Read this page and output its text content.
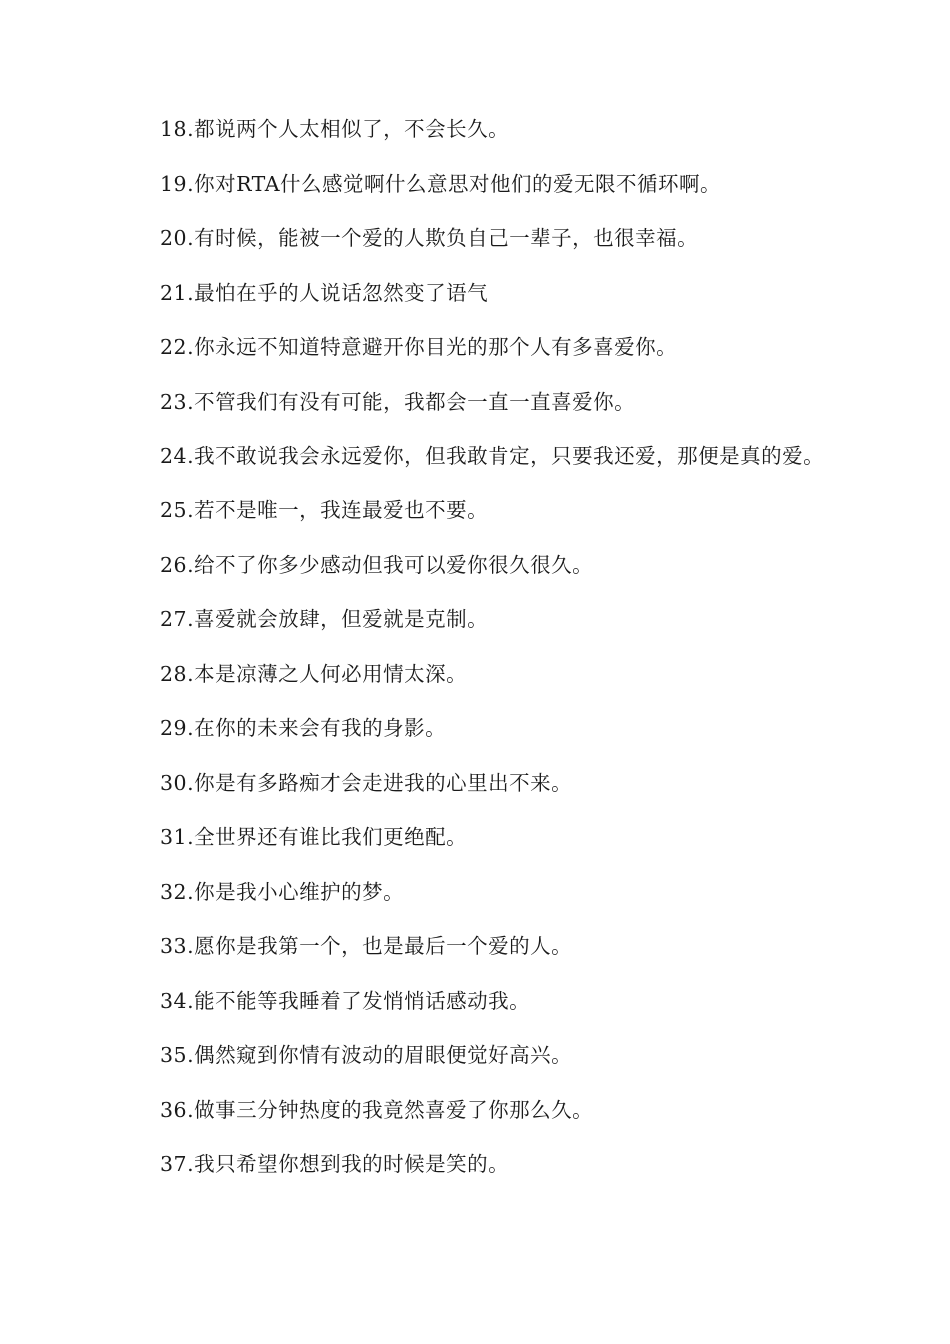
18.都说两个人太相似了，不会长久。

19.你对RTA什么感觉啊什么意思对他们的爱无限不循环啊。

20.有时候，能被一个爱的人欺负自己一辈子，也很幸福。

21.最怕在乎的人说话忽然变了语气

22.你永远不知道特意避开你目光的那个人有多喜爱你。

23.不管我们有没有可能，我都会一直一直喜爱你。

24.我不敢说我会永远爱你，但我敢肯定，只要我还爱，那便是真的爱。

25.若不是唯一，我连最爱也不要。

26.给不了你多少感动但我可以爱你很久很久。

27.喜爱就会放肆，但爱就是克制。

28.本是凉薄之人何必用情太深。

29.在你的未来会有我的身影。

30.你是有多路痴才会走进我的心里出不来。

31.全世界还有谁比我们更绝配。

32.你是我小心维护的梦。

33.愿你是我第一个，也是最后一个爱的人。

34.能不能等我睡着了发悄悄话感动我。

35.偶然窥到你情有波动的眉眼便觉好高兴。

36.做事三分钟热度的我竟然喜爱了你那么久。

37.我只希望你想到我的时候是笑的。
